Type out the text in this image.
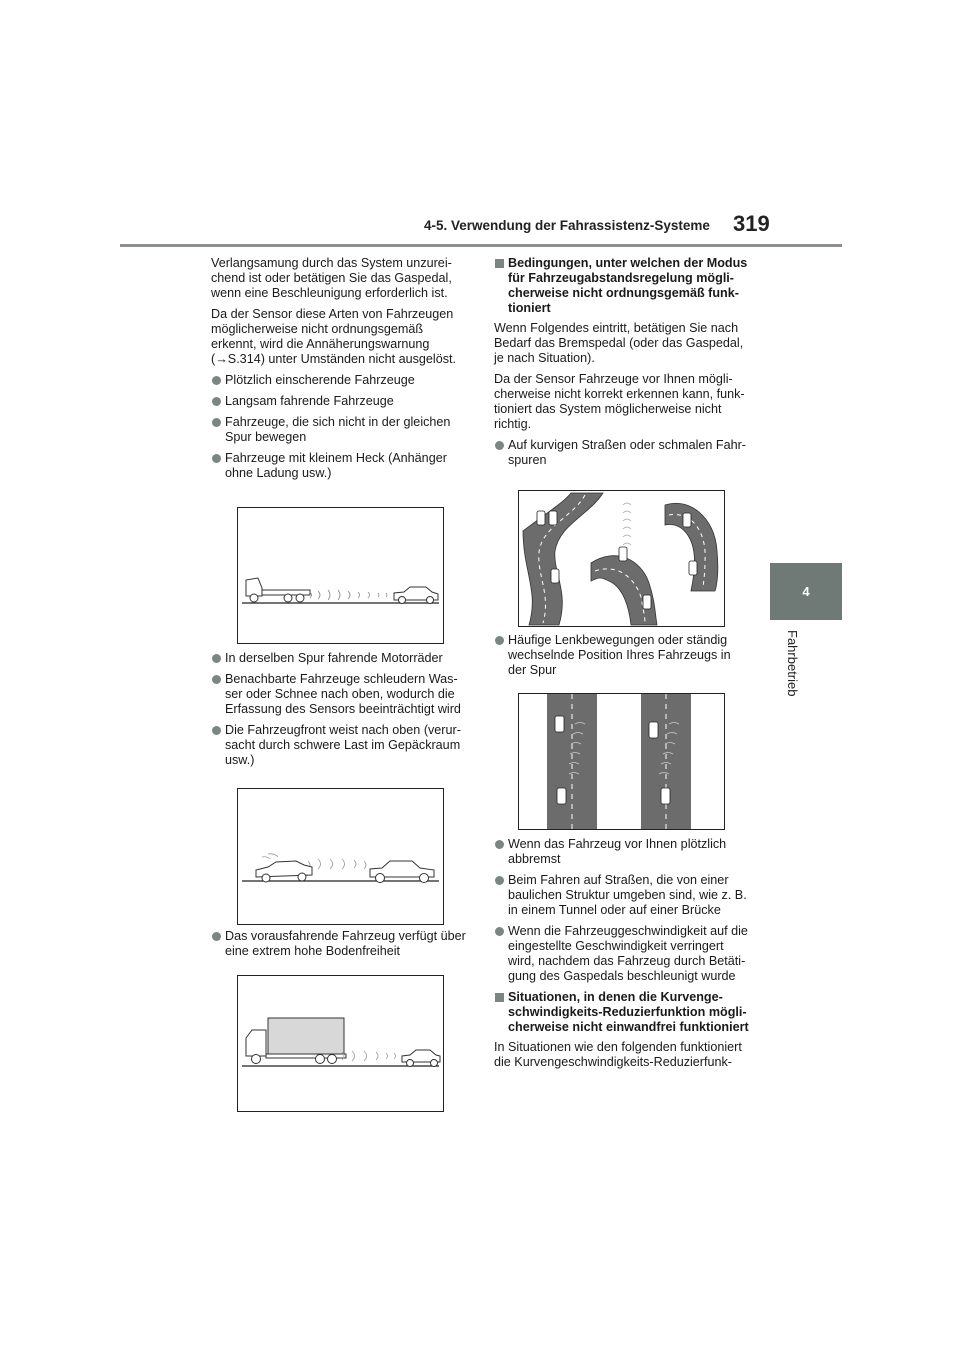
4-5. Verwendung der Fahrassistenz-Systeme 319
4
Fahrbetrieb

Verlangsamung durch das System unzurei-chend ist oder betätigen Sie das Gaspedal, wenn eine Beschleunigung erforderlich ist.

Da der Sensor diese Arten von Fahrzeugen möglicherweise nicht ordnungsgemäß erkennt, wird die Annäherungswarnung (→S.314) unter Umständen nicht ausgelöst.

Plötzlich einscherende Fahrzeuge
Langsam fahrende Fahrzeuge
Fahrzeuge, die sich nicht in der gleichen Spur bewegen
Fahrzeuge mit kleinem Heck (Anhänger ohne Ladung usw.)
In derselben Spur fahrende Motorräder
Benachbarte Fahrzeuge schleudern Was-ser oder Schnee nach oben, wodurch die Erfassung des Sensors beeinträchtigt wird
Die Fahrzeugfront weist nach oben (verur-sacht durch schwere Last im Gepäckraum usw.)
Das vorausfahrende Fahrzeug verfügt über eine extrem hohe Bodenfreiheit
Bedingungen, unter welchen der Modus für Fahrzeugabstandsregelung mögli-cherweise nicht ordnungsgemäß funk-tioniert

Wenn Folgendes eintritt, betätigen Sie nach Bedarf das Bremspedal (oder das Gaspedal, je nach Situation).

Da der Sensor Fahrzeuge vor Ihnen mögli-cherweise nicht korrekt erkennen kann, funk-tioniert das System möglicherweise nicht richtig.

Auf kurvigen Straßen oder schmalen Fahr-spuren
Häufige Lenkbewegungen oder ständig wechselnde Position Ihres Fahrzeugs in der Spur
Wenn das Fahrzeug vor Ihnen plötzlich abbremst
Beim Fahren auf Straßen, die von einer baulichen Struktur umgeben sind, wie z. B. in einem Tunnel oder auf einer Brücke
Wenn die Fahrzeuggeschwindigkeit auf die eingestellte Geschwindigkeit verringert wird, nachdem das Fahrzeug durch Betäti-gung des Gaspedals beschleunigt wurde
Situationen, in denen die Kurvenge-schwindigkeits-Reduzierfunktion mögli-cherweise nicht einwandfrei funktioniert

In Situationen wie den folgenden funktioniert die Kurvengeschwindigkeits-Reduzierfunk-
